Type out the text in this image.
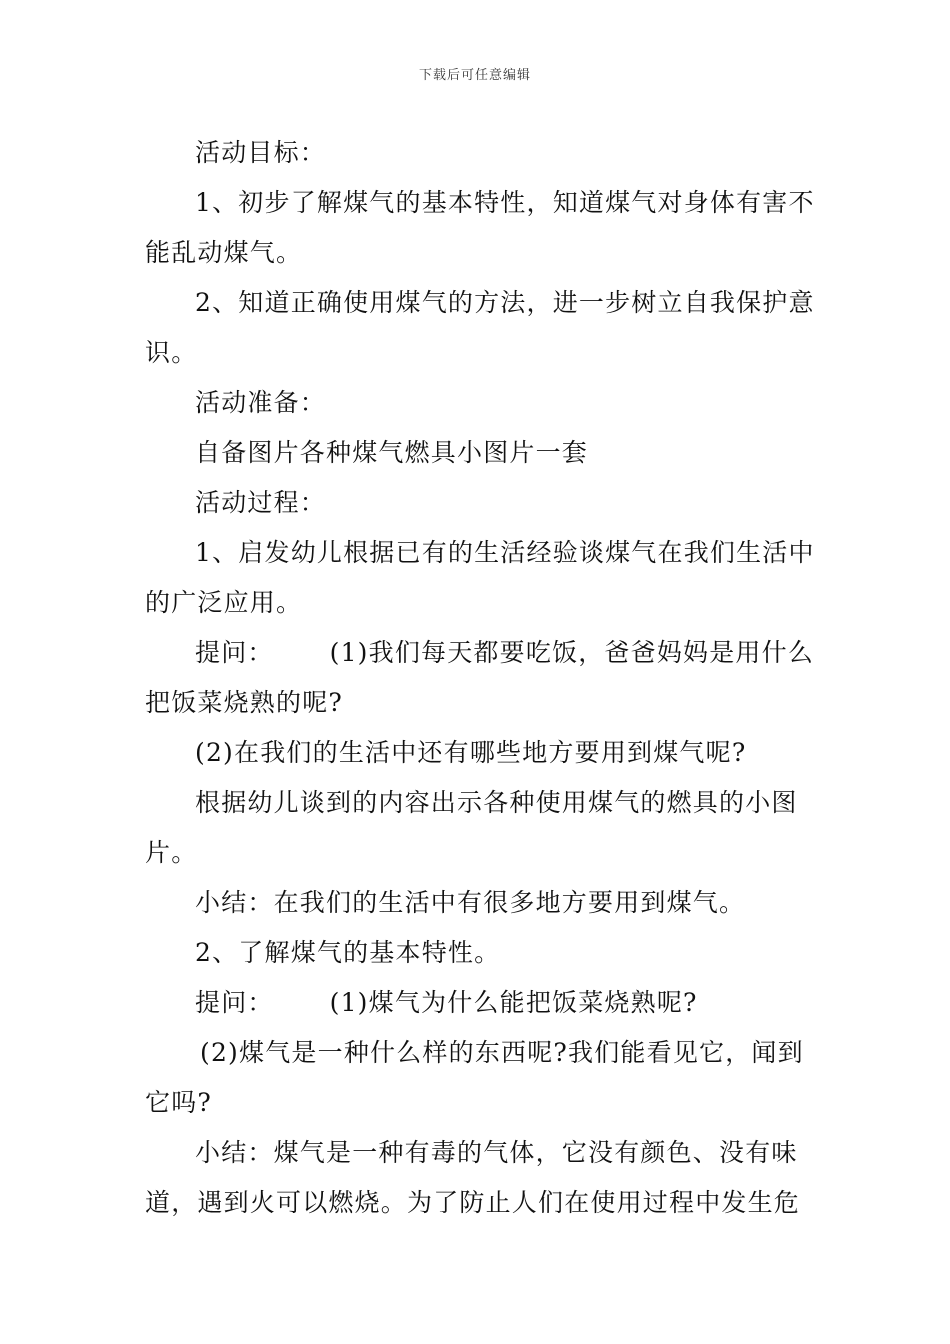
下载后可任意编辑
活动目标：
1、初步了解煤气的基本特性，知道煤气对身体有害不
能乱动煤气。
2、知道正确使用煤气的方法，进一步树立自我保护意
识。
活动准备：
自备图片各种煤气燃具小图片一套
活动过程：
1、启发幼儿根据已有的生活经验谈煤气在我们生活中
的广泛应用。
提问： (1)我们每天都要吃饭，爸爸妈妈是用什么
把饭菜烧熟的呢?
(2)在我们的生活中还有哪些地方要用到煤气呢?
根据幼儿谈到的内容出示各种使用煤气的燃具的小图
片。
小结：在我们的生活中有很多地方要用到煤气。
2、了解煤气的基本特性。
提问： (1)煤气为什么能把饭菜烧熟呢?
(2)煤气是一种什么样的东西呢?我们能看见它，闻到
它吗?
小结：煤气是一种有毒的气体，它没有颜色、没有味
道，遇到火可以燃烧。为了防止人们在使用过程中发生危
